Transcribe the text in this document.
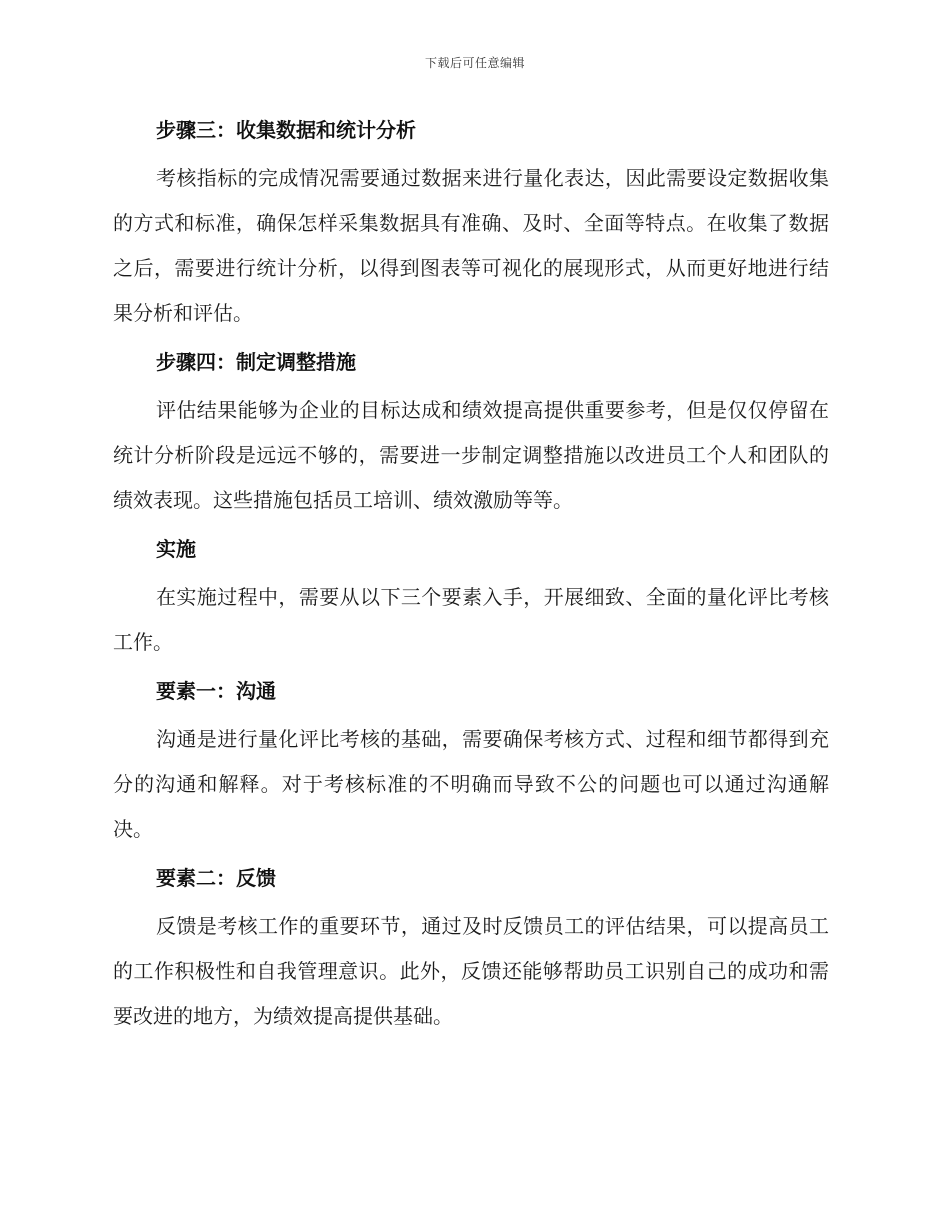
下载后可任意编辑
步骤三：收集数据和统计分析
考核指标的完成情况需要通过数据来进行量化表达，因此需要设定数据收集的方式和标准，确保怎样采集数据具有准确、及时、全面等特点。在收集了数据之后，需要进行统计分析，以得到图表等可视化的展现形式，从而更好地进行结果分析和评估。
步骤四：制定调整措施
评估结果能够为企业的目标达成和绩效提高提供重要参考，但是仅仅停留在统计分析阶段是远远不够的，需要进一步制定调整措施以改进员工个人和团队的绩效表现。这些措施包括员工培训、绩效激励等等。
实施
在实施过程中，需要从以下三个要素入手，开展细致、全面的量化评比考核工作。
要素一：沟通
沟通是进行量化评比考核的基础，需要确保考核方式、过程和细节都得到充分的沟通和解释。对于考核标准的不明确而导致不公的问题也可以通过沟通解决。
要素二：反馈
反馈是考核工作的重要环节，通过及时反馈员工的评估结果，可以提高员工的工作积极性和自我管理意识。此外，反馈还能够帮助员工识别自己的成功和需要改进的地方，为绩效提高提供基础。
